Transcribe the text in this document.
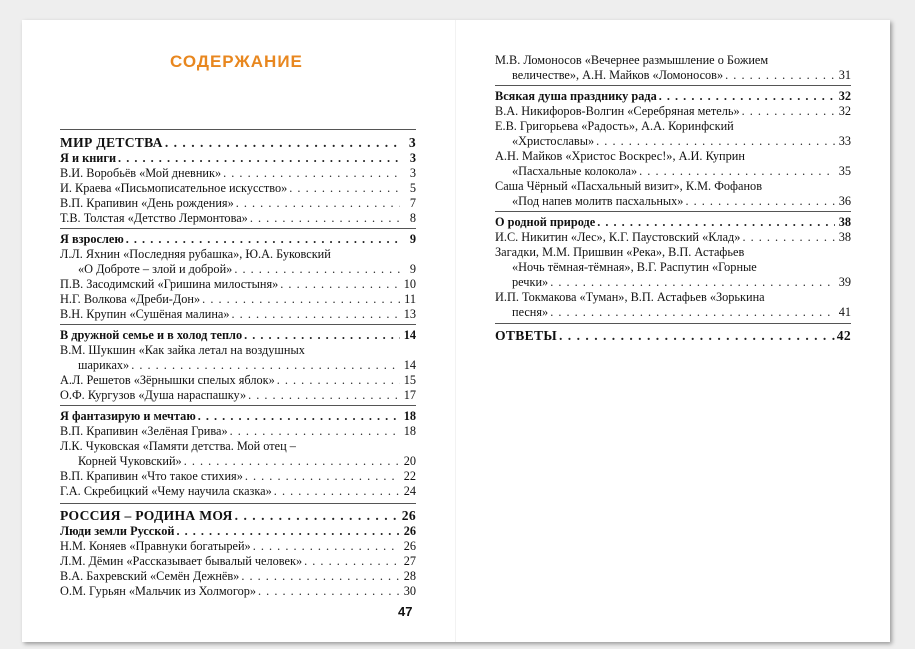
СОДЕРЖАНИЕ
МИР ДЕТСТВА . . .	3
Я и книги . . .	3
В.И. Воробьёв «Мой дневник» . . .	3
И. Краева «Письмописательное искусство» . . .	5
В.П. Крапивин «День рождения» . . .	7
Т.В. Толстая «Детство Лермонтова» . . .	8
Я взрослею . . .	9
Л.Л. Яхнин «Последняя рубашка», Ю.А. Буковский
«О Доброте – злой и доброй» . . .	9
П.В. Засодимский «Гришина милостыня» . . .	10
Н.Г. Волкова «Дреби-Дон» . . .	11
В.Н. Крупин «Сушёная малина» . . .	13
В дружной семье и в холод тепло . . .	14
В.М. Шукшин «Как зайка летал на воздушных
шариках» . . .	14
А.Л. Решетов «Зёрнышки спелых яблок» . . .	15
О.Ф. Кургузов «Душа нараспашку» . . .	17
Я фантазирую и мечтаю . . .	18
В.П. Крапивин «Зелёная Грива» . . .	18
Л.К. Чуковская «Памяти детства. Мой отец –
Корней Чуковский» . . .	20
В.П. Крапивин «Что такое стихия» . . .	22
Г.А. Скребицкий «Чему научила сказка» . . .	24
РОССИЯ – РОДИНА МОЯ . . .	26
Люди земли Русской . . .	26
Н.М. Коняев «Правнуки богатырей» . . .	26
Л.М. Дёмин «Рассказывает бывалый человек» . . .	27
В.А. Бахревский «Семён Дежнёв» . . .	28
О.М. Гурьян «Мальчик из Холмогор» . . .	30
47
М.В. Ломоносов «Вечернее размышление о Божием
величестве», А.Н. Майков «Ломоносов» . . .	31
Всякая душа празднику рада . . .	32
В.А. Никифоров-Волгин «Серебряная метель» . . .	32
Е.В. Григорьева «Радость», А.А. Коринфский
«Христославы» . . .	33
А.Н. Майков «Христос Воскрес!», А.И. Куприн
«Пасхальные колокола» . . .	35
Саша Чёрный «Пасхальный визит», К.М. Фофанов
«Под напев молитв пасхальных» . . .	36
О родной природе . . .	38
И.С. Никитин «Лес», К.Г. Паустовский «Клад» . . .	38
Загадки, М.М. Пришвин «Река», В.П. Астафьев
«Ночь тёмная-тёмная», В.Г. Распутин «Горные
речки» . . .	39
И.П. Токмакова «Туман», В.П. Астафьев «Зорькина
песня» . . .	41
ОТВЕТЫ . . .	42
